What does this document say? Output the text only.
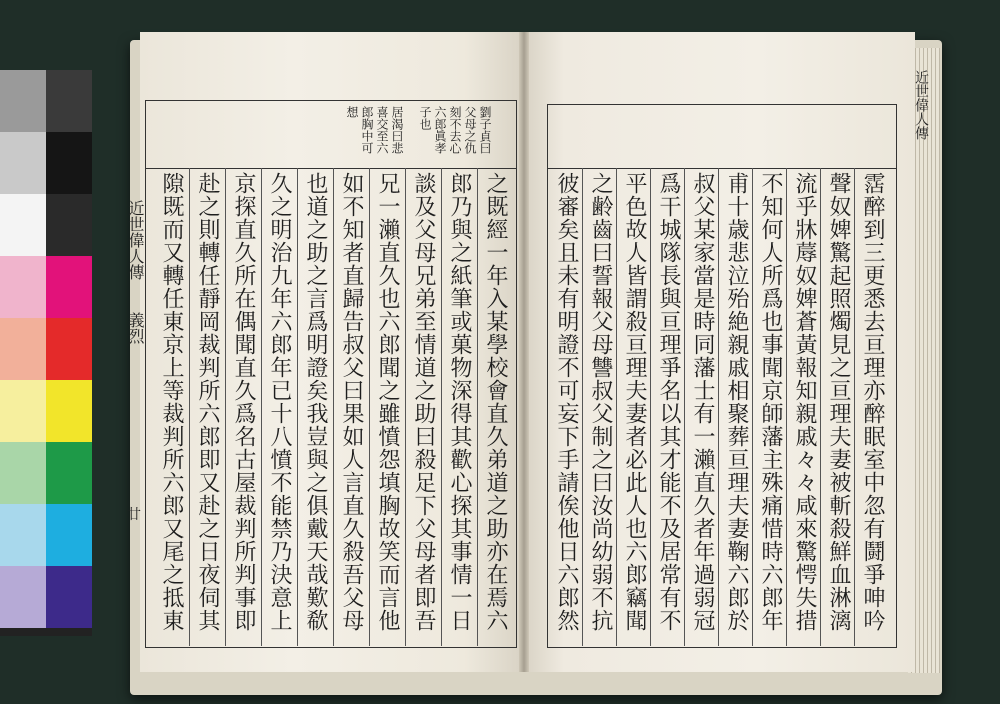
劉子貞曰
父母之仇
刻不去心
六郎眞孝
子也
居渴曰悲
喜交至六
郎胸中可
想
之既經一年入某學校會直久弟道之助亦在焉六
郎乃與之紙筆或菓物深得其歡心探其事情一日
談及父母兄弟至情道之助曰殺足下父母者即吾
兄一瀨直久也六郎聞之雖憤怨填胸故笑而言他
如不知者直歸告叔父曰果如人言直久殺吾父母
也道之助之言爲明證矣我豈與之俱戴天哉歎欷
久之明治九年六郎年已十八憤不能禁乃決意上
京探直久所在偶聞直久爲名古屋裁判所判事即
赴之則轉任靜岡裁判所六郎即又赴之日夜伺其
隙既而又轉任東京上等裁判所六郎又尾之抵東
近世偉人傳
義烈
廿	霑醉到三更悉去亘理亦醉眠室中忽有鬪爭呻吟
聲奴婢驚起照燭見之亘理夫妻被斬殺鮮血淋漓
流乎牀蓐奴婢蒼黃報知親戚々々咸來驚愕失措
不知何人所爲也事聞京師藩主殊痛惜時六郎年
甫十歳悲泣殆絶親戚相聚葬亘理夫妻鞠六郎於
叔父某家當是時同藩士有一瀨直久者年過弱冠
爲干城隊長與亘理爭名以其才能不及居常有不
平色故人皆謂殺亘理夫妻者必此人也六郎竊聞
之齢齒曰誓報父母讐叔父制之曰汝尚幼弱不抗
彼審矣且未有明證不可妄下手請俟他日六郎然
近世偉人傳
